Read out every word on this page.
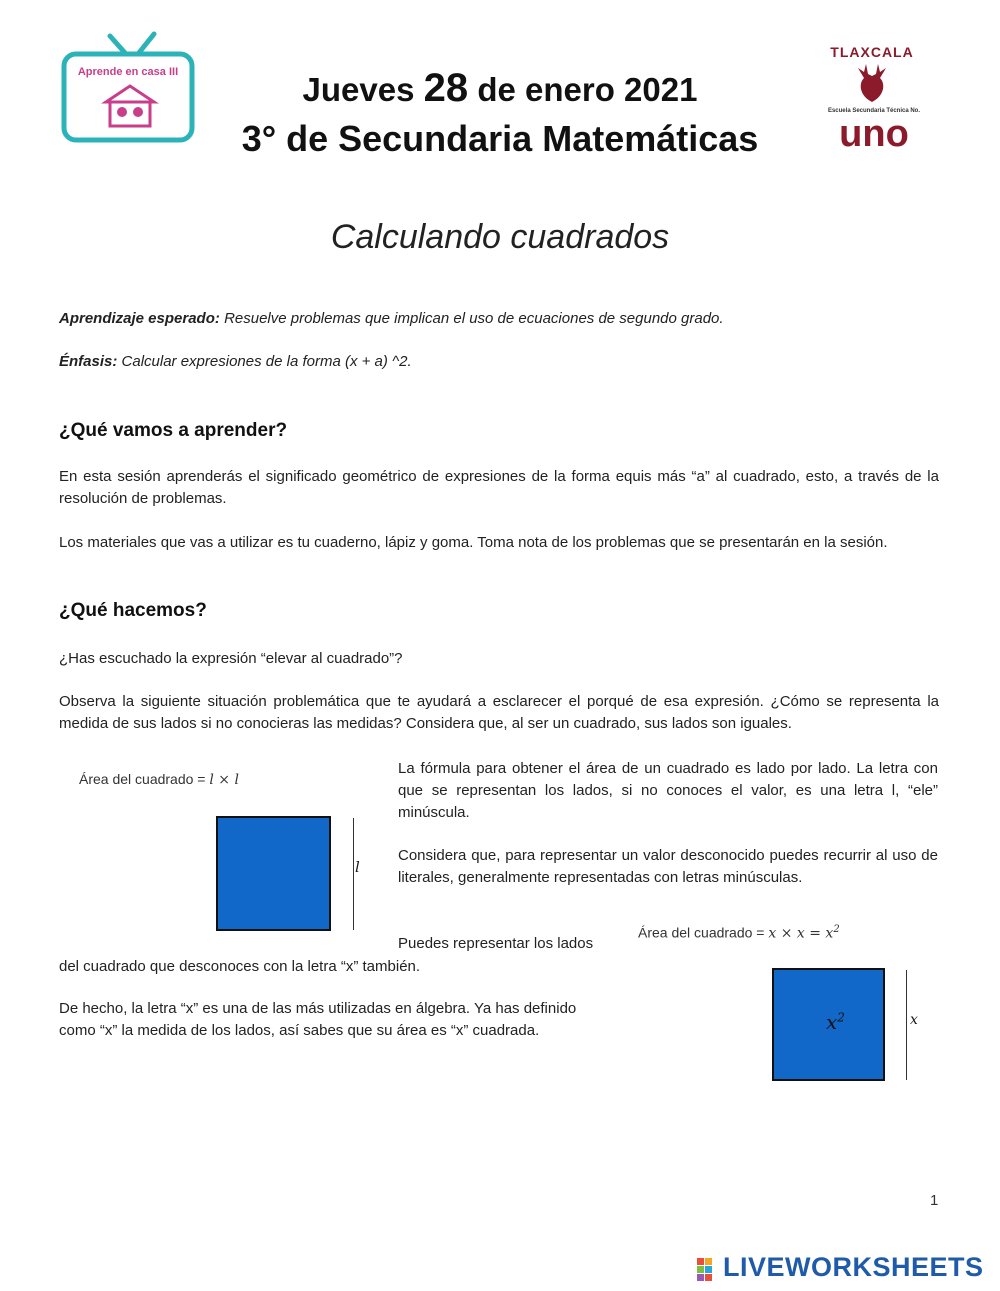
Aprende en casa III
TLAXCALA
Escuela Secundaria Técnica No.
uno
Jueves 28 de enero 2021
3° de Secundaria Matemáticas
Calculando cuadrados
Aprendizaje esperado: Resuelve problemas que implican el uso de ecuaciones de segundo grado.
Énfasis: Calcular expresiones de la forma (x + a) ^2.
¿Qué vamos a aprender?
En esta sesión aprenderás el significado geométrico de expresiones de la forma equis más “a” al cuadrado, esto, a través de la resolución de problemas.
Los materiales que vas a utilizar es tu cuaderno, lápiz y goma. Toma nota de los problemas que se presentarán en la sesión.
¿Qué hacemos?
¿Has escuchado la expresión “elevar al cuadrado”?
Observa la siguiente situación problemática que te ayudará a esclarecer el porqué de esa expresión. ¿Cómo se representa la medida de sus lados si no conocieras las medidas? Considera que, al ser un cuadrado, sus lados son iguales.
Área del cuadrado = l × l
l
La fórmula para obtener el área de un cuadrado es lado por lado. La letra con que se representan los lados, si no conoces el valor, es una letra l, “ele” minúscula.
Considera que, para representar un valor desconocido puedes recurrir al uso de literales, generalmente representadas con letras minúsculas.
Puedes representar los lados
del cuadrado que desconoces con la letra “x” también.
De hecho, la letra “x” es una de las más utilizadas en álgebra. Ya has definido como “x” la medida de los lados, así sabes que su área es “x” cuadrada.
Área del cuadrado = $x \times x = x^2$
$x^2$	x
1
LIVEWORKSHEETS
